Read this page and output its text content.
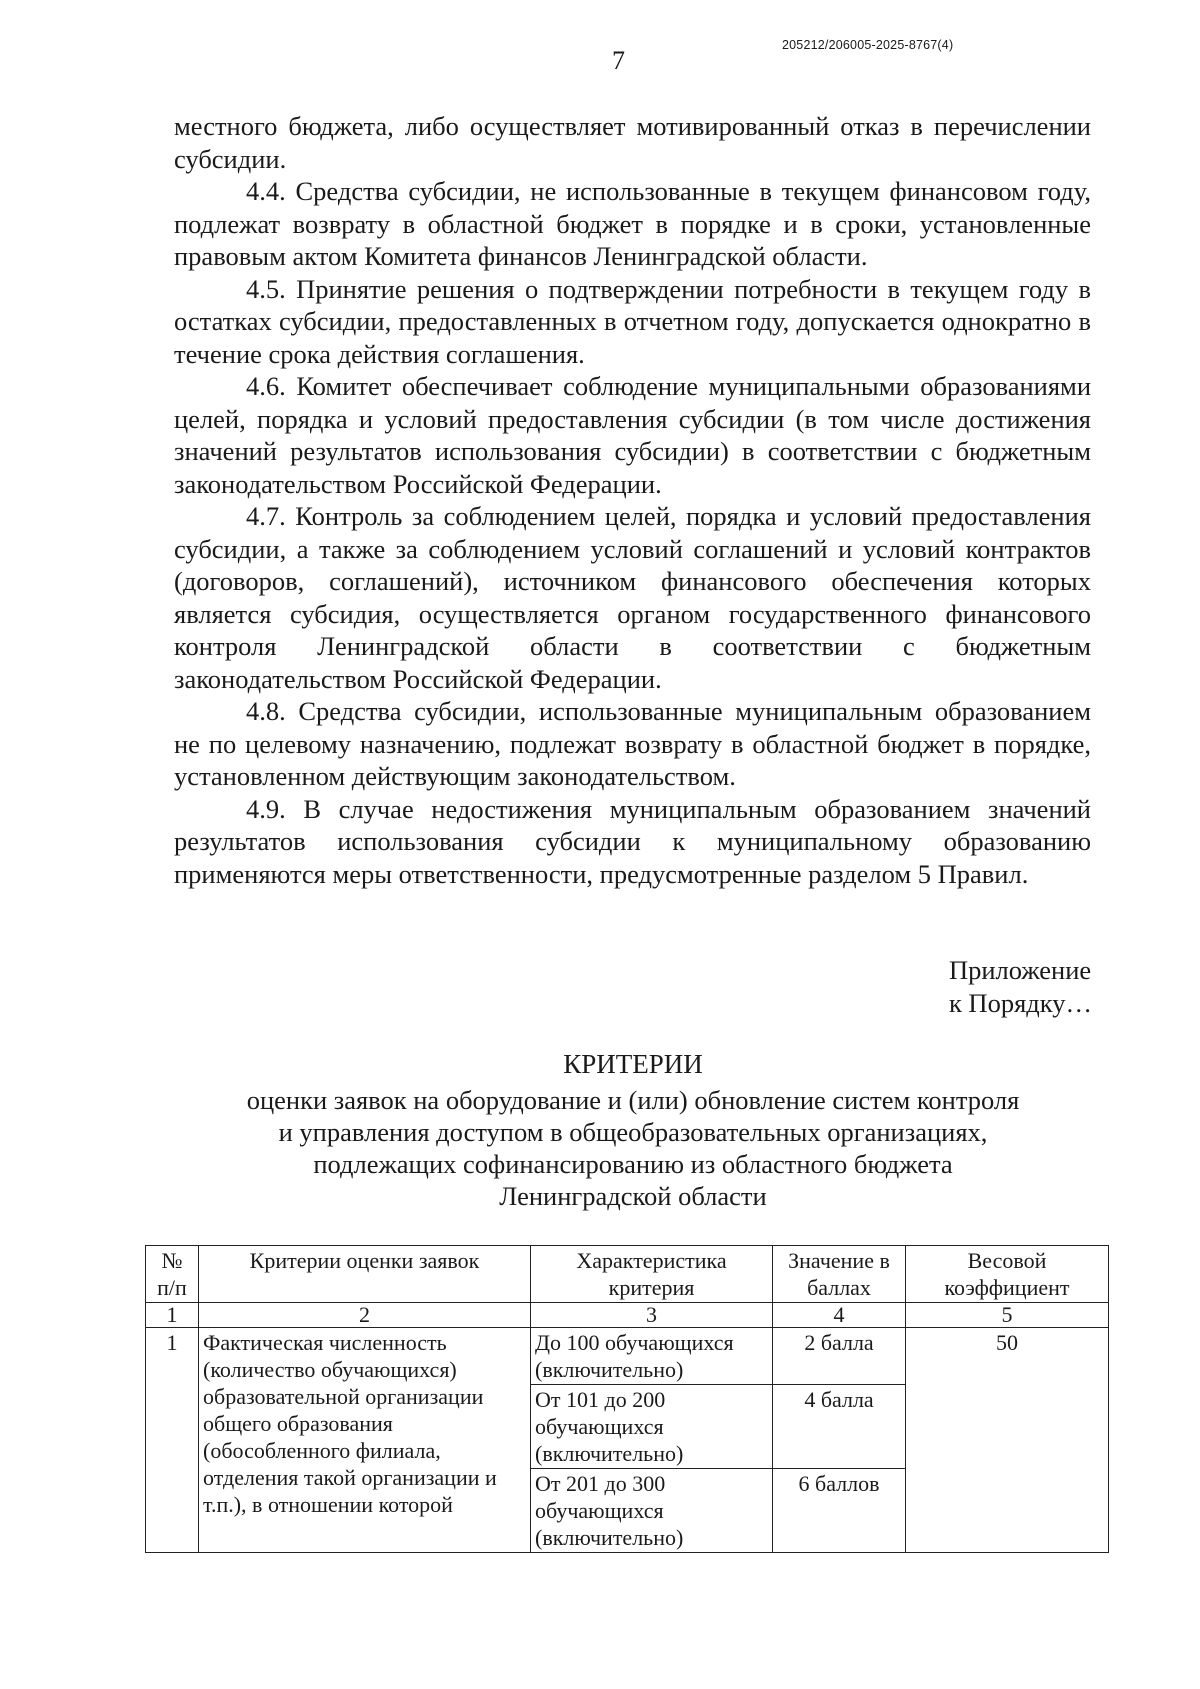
7
205212/206005-2025-8767(4)

местного бюджета, либо осуществляет мотивированный отказ в перечислении субсидии.

4.4. Средства субсидии, не использованные в текущем финансовом году, подлежат возврату в областной бюджет в порядке и в сроки, установленные правовым актом Комитета финансов Ленинградской области.

4.5. Принятие решения о подтверждении потребности в текущем году в остатках субсидии, предоставленных в отчетном году, допускается однократно в течение срока действия соглашения.

4.6. Комитет обеспечивает соблюдение муниципальными образованиями целей, порядка и условий предоставления субсидии (в том числе достижения значений результатов использования субсидии) в соответствии с бюджетным законодательством Российской Федерации.

4.7. Контроль за соблюдением целей, порядка и условий предоставления субсидии, а также за соблюдением условий соглашений и условий контрактов (договоров, соглашений), источником финансового обеспечения которых является субсидия, осуществляется органом государственного финансового контроля Ленинградской области в соответствии с бюджетным законодательством Российской Федерации.

4.8. Средства субсидии, использованные муниципальным образованием не по целевому назначению, подлежат возврату в областной бюджет в порядке, установленном действующим законодательством.

4.9. В случае недостижения муниципальным образованием значений результатов использования субсидии к муниципальному образованию применяются меры ответственности, предусмотренные разделом 5 Правил.

Приложение
к Порядку…
КРИТЕРИИ
оценки заявок на оборудование и (или) обновление систем контроля
и управления доступом в общеобразовательных организациях,
подлежащих софинансированию из областного бюджета
Ленинградской области
№ п/п	Критерии оценки заявок	Характеристика критерия	Значение в баллах	Весовой коэффициент
1	2	3	4	5
1	Фактическая численность (количество обучающихся) образовательной организации общего образования (обособленного филиала, отделения такой организации и т.п.), в отношении которой	До 100 обучающихся (включительно)	2 балла	50
		От 101 до 200 обучающихся (включительно)	4 балла	
		От 201 до 300 обучающихся (включительно)	6 баллов	
